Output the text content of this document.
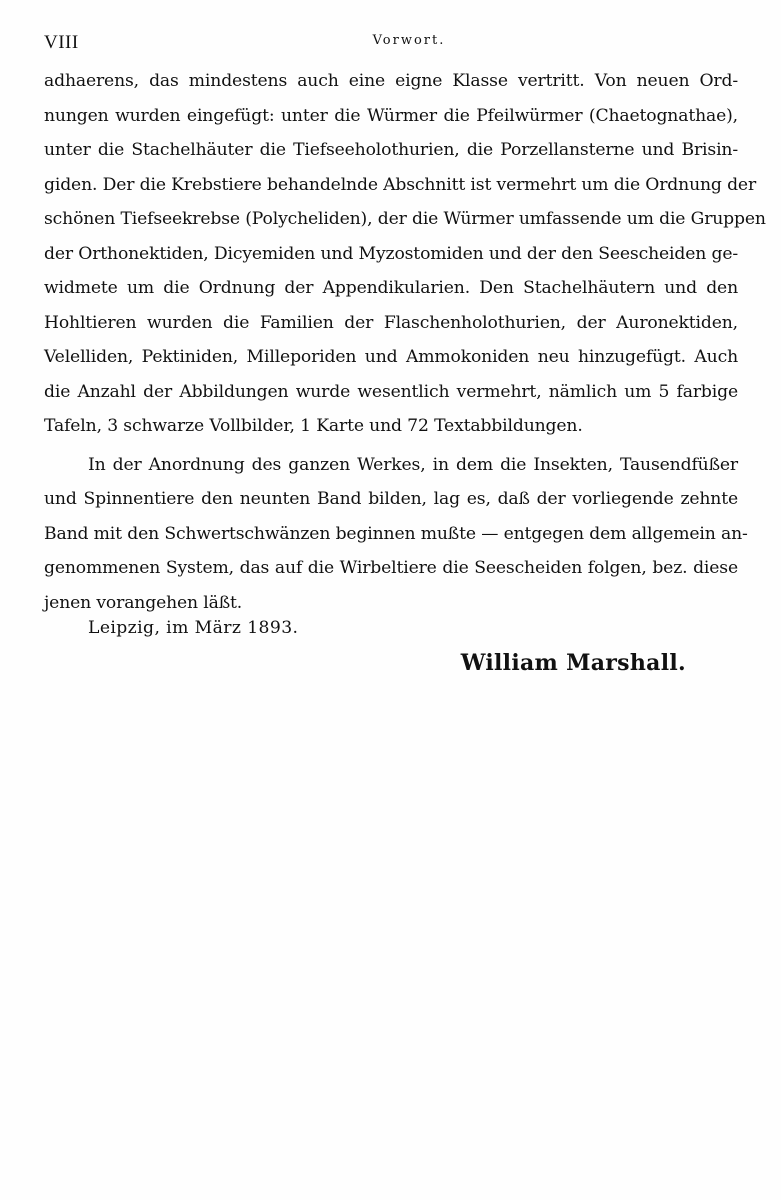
VIII	Vorwort.
adhaerens, das mindestens auch eine eigne Klasse vertritt. Von neuen Ord-
nungen wurden eingefügt: unter die Würmer die Pfeilwürmer (Chaetognathae),
unter die Stachelhäuter die Tiefseeholothurien, die Porzellansterne und Brisin-
giden. Der die Krebstiere behandelnde Abschnitt ist vermehrt um die Ordnung der
schönen Tiefseekrebse (Polycheliden), der die Würmer umfassende um die Gruppen
der Orthonektiden, Dicyemiden und Myzostomiden und der den Seescheiden ge-
widmete um die Ordnung der Appendikularien. Den Stachelhäutern und den
Hohltieren wurden die Familien der Flaschenholothurien, der Auronektiden,
Velelliden, Pektiniden, Milleporiden und Ammokoniden neu hinzugefügt. Auch
die Anzahl der Abbildungen wurde wesentlich vermehrt, nämlich um 5 farbige
Tafeln, 3 schwarze Vollbilder, 1 Karte und 72 Textabbildungen.
In der Anordnung des ganzen Werkes, in dem die Insekten, Tausendfüßer
und Spinnentiere den neunten Band bilden, lag es, daß der vorliegende zehnte
Band mit den Schwertschwänzen beginnen mußte — entgegen dem allgemein an-
genommenen System, das auf die Wirbeltiere die Seescheiden folgen, bez. diese
jenen vorangehen läßt.
Leipzig, im März 1893.
William Marshall.
